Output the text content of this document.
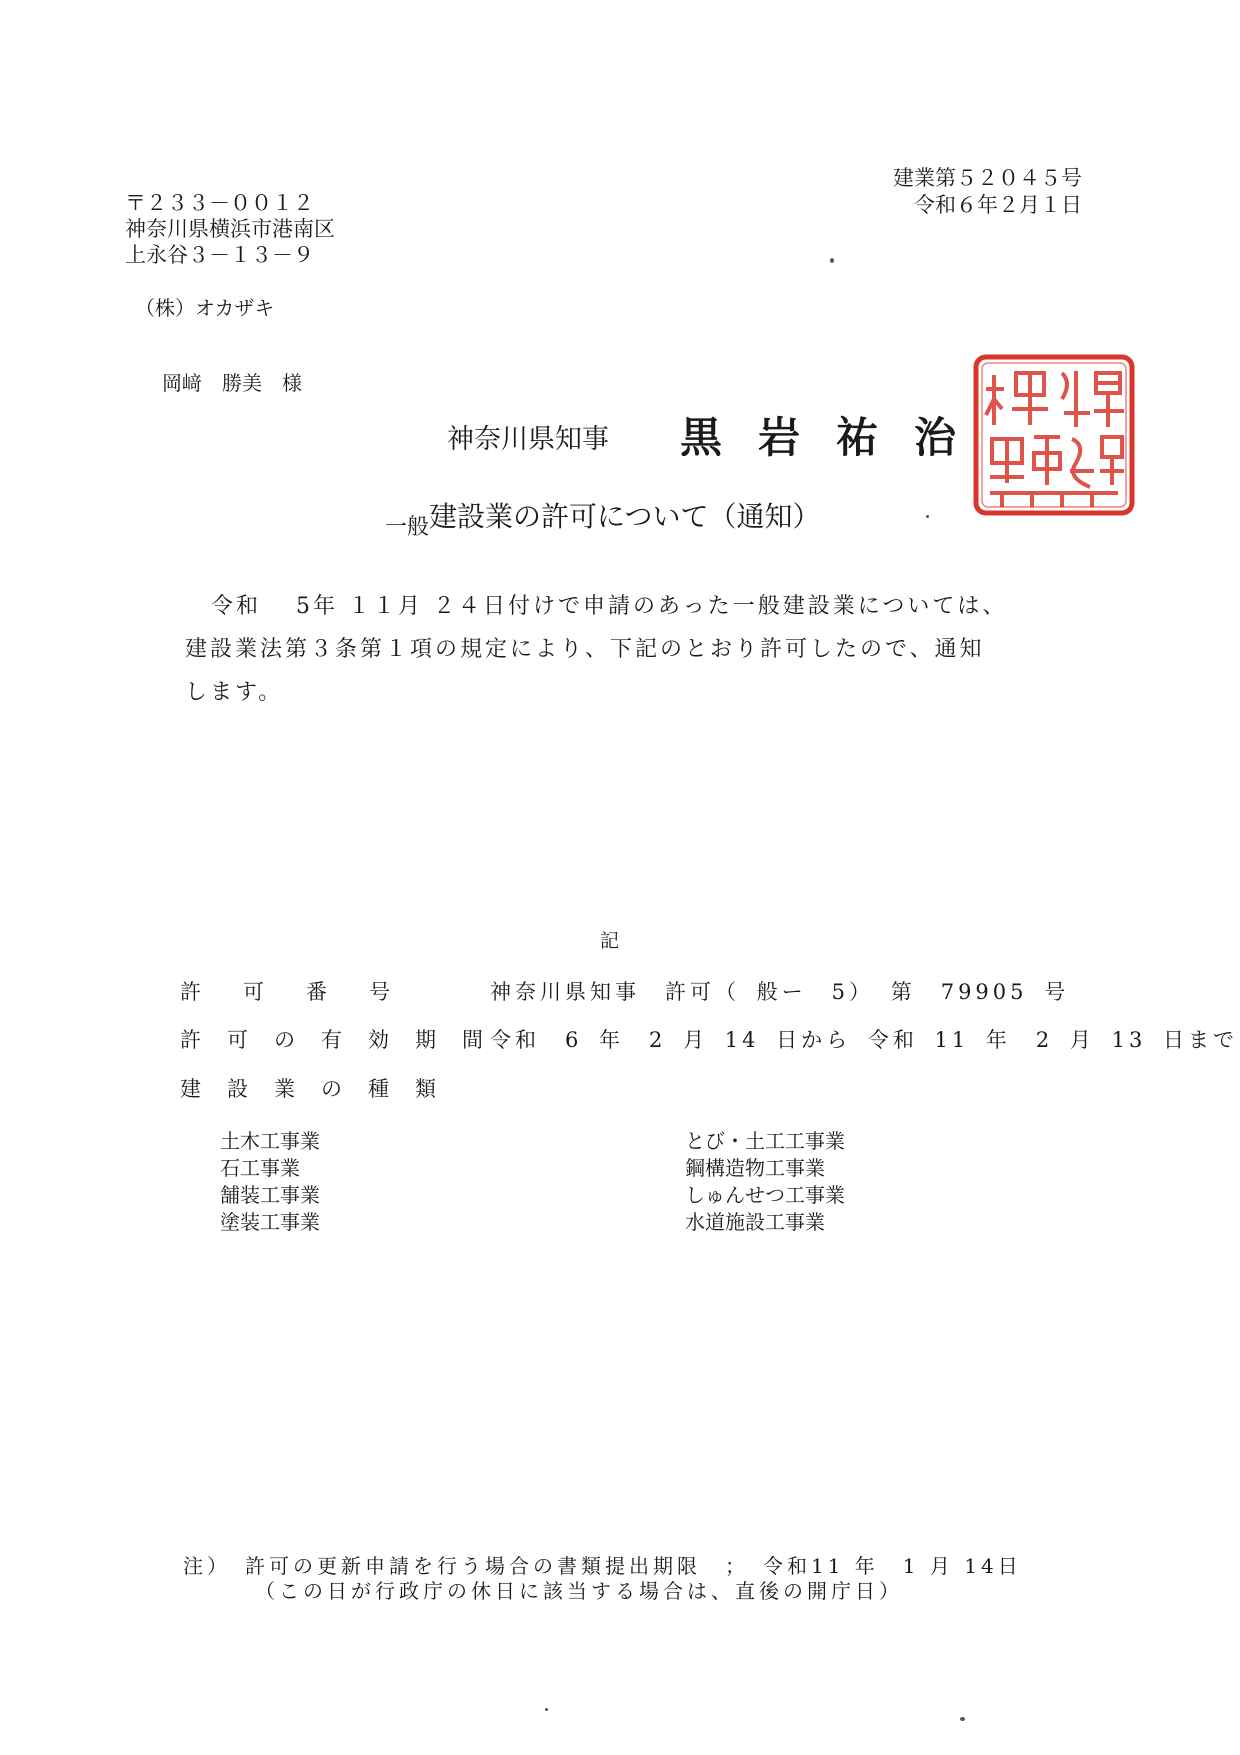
建業第５２０４５号
令和６年２月１日
〒２３３－００１２
神奈川県横浜市港南区
上永谷３－１３－９
（株）オカザキ
岡﨑　勝美　様
神奈川県知事 黒岩祐治
$_{一般}$建設業の許可について（通知）
令和　 5年 １１月 ２４日付けで申請のあった一般建設業については、
建設業法第３条第１項の規定により、下記のとおり許可したので、通知
します。
記
許可番号	神奈川県知事　許可（ 般ー　5） 第　79905 号
許可の有効期間
令和　6 年　2 月 14 日から 令和 11 年　2 月 13 日まで
建設業の種類
土木工事業
石工事業
舗装工事業
塗装工事業
とび・土工工事業
鋼構造物工事業
しゅんせつ工事業
水道施設工事業
注）　許可の更新申請を行う場合の書類提出期限　；　令和11 年　1 月 14日
（この日が行政庁の休日に該当する場合は、直後の開庁日）
